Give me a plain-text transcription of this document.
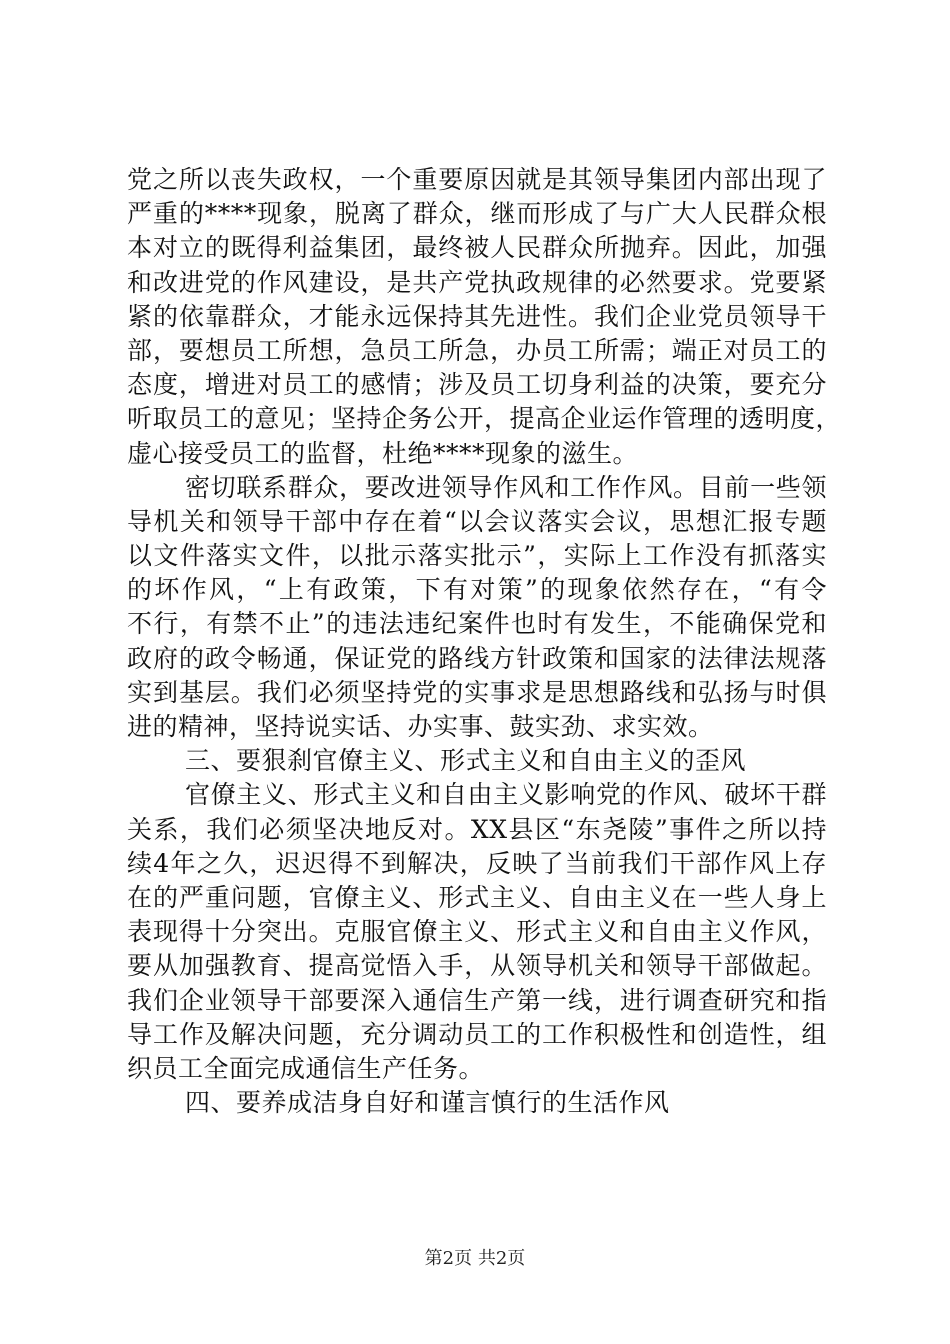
党之所以丧失政权，一个重要原因就是其领导集团内部出现了
严重的****现象，脱离了群众，继而形成了与广大人民群众根
本对立的既得利益集团，最终被人民群众所抛弃。因此，加强
和改进党的作风建设，是共产党执政规律的必然要求。党要紧
紧的依靠群众，才能永远保持其先进性。我们企业党员领导干
部，要想员工所想，急员工所急，办员工所需；端正对员工的
态度，增进对员工的感情；涉及员工切身利益的决策，要充分
听取员工的意见；坚持企务公开，提高企业运作管理的透明度，
虚心接受员工的监督，杜绝****现象的滋生。
密切联系群众，要改进领导作风和工作作风。目前一些领
导机关和领导干部中存在着“以会议落实会议，思想汇报专题
以文件落实文件，以批示落实批示”，实际上工作没有抓落实
的坏作风，“上有政策，下有对策”的现象依然存在，“有令
不行，有禁不止”的违法违纪案件也时有发生，不能确保党和
政府的政令畅通，保证党的路线方针政策和国家的法律法规落
实到基层。我们必须坚持党的实事求是思想路线和弘扬与时俱
进的精神，坚持说实话、办实事、鼓实劲、求实效。
三、要狠刹官僚主义、形式主义和自由主义的歪风
官僚主义、形式主义和自由主义影响党的作风、破坏干群
关系，我们必须坚决地反对。XX县区“东尧陵”事件之所以持
续4年之久，迟迟得不到解决，反映了当前我们干部作风上存
在的严重问题，官僚主义、形式主义、自由主义在一些人身上
表现得十分突出。克服官僚主义、形式主义和自由主义作风，
要从加强教育、提高觉悟入手，从领导机关和领导干部做起。
我们企业领导干部要深入通信生产第一线，进行调查研究和指
导工作及解决问题，充分调动员工的工作积极性和创造性，组
织员工全面完成通信生产任务。
四、要养成洁身自好和谨言慎行的生活作风
第2页 共2页
